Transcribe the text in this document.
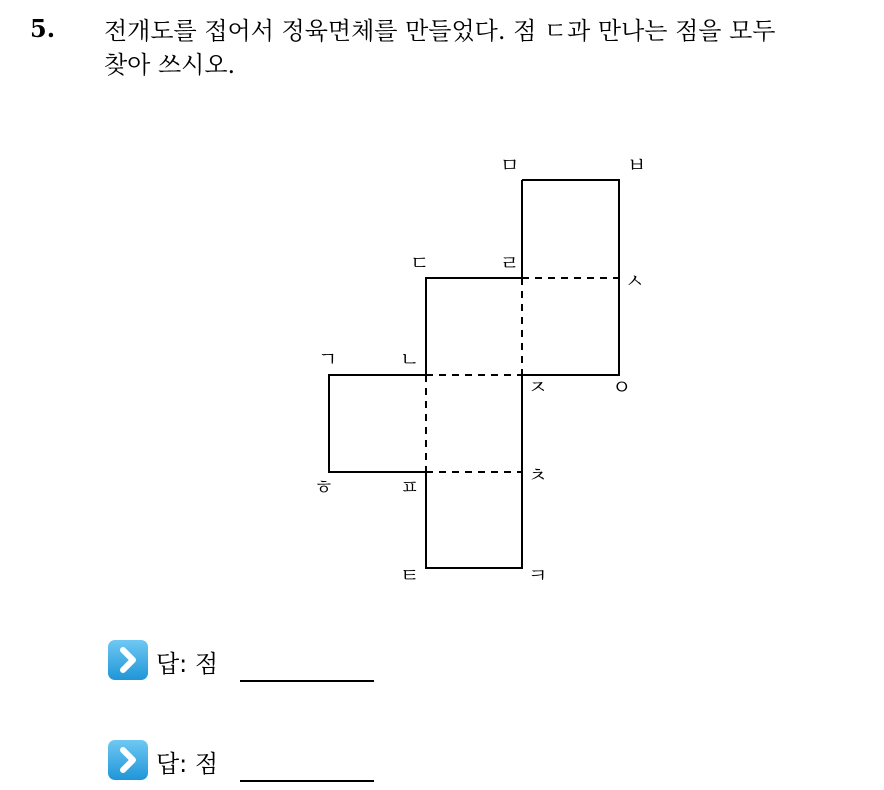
5. 전개도를 접어서 정육면체를 만들었다. 점 ㄷ과 만나는 점을 모두
찾아 쓰시오.
ㅁ	ㅂ
ㄷ	ㄹ
ㅅ
ㄱ	ㄴ
ㅈ	ㅇ
ㅎ	ㅍ	ㅊ
ㅌ	ㅋ
답: 점
답: 점
